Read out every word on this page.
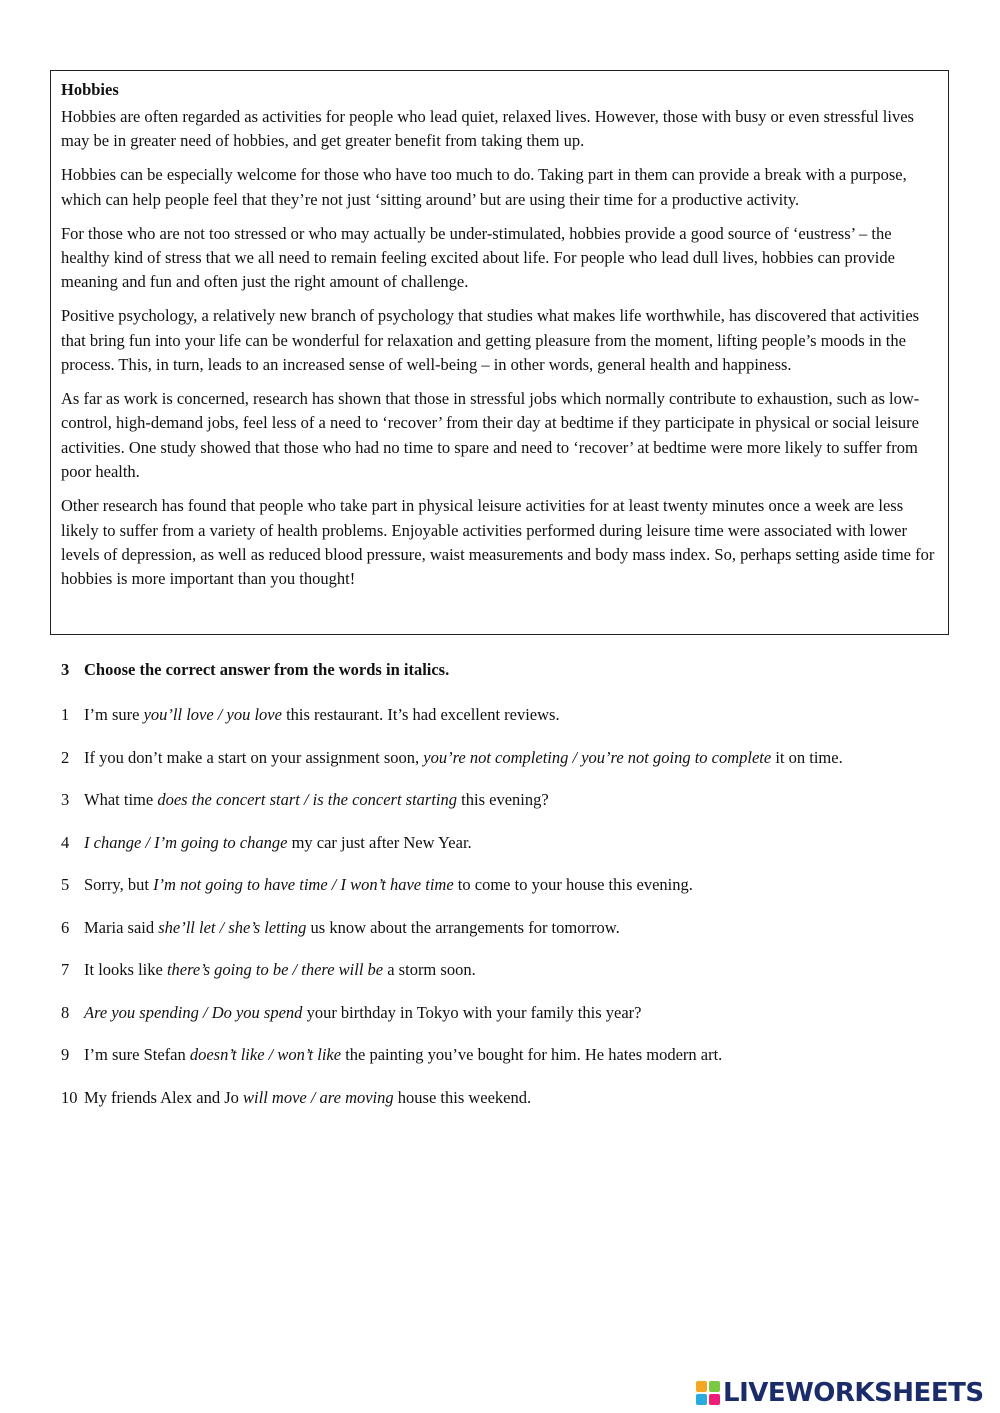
Hobbies

Hobbies are often regarded as activities for people who lead quiet, relaxed lives. However, those with busy or even stressful lives may be in greater need of hobbies, and get greater benefit from taking them up.

Hobbies can be especially welcome for those who have too much to do. Taking part in them can provide a break with a purpose, which can help people feel that they’re not just ‘sitting around’ but are using their time for a productive activity.

For those who are not too stressed or who may actually be under-stimulated, hobbies provide a good source of ‘eustress’ – the healthy kind of stress that we all need to remain feeling excited about life. For people who lead dull lives, hobbies can provide meaning and fun and often just the right amount of challenge.

Positive psychology, a relatively new branch of psychology that studies what makes life worthwhile, has discovered that activities that bring fun into your life can be wonderful for relaxation and getting pleasure from the moment, lifting people’s moods in the process. This, in turn, leads to an increased sense of well-being – in other words, general health and happiness.

As far as work is concerned, research has shown that those in stressful jobs which normally contribute to exhaustion, such as low-control, high-demand jobs, feel less of a need to ‘recover’ from their day at bedtime if they participate in physical or social leisure activities. One study showed that those who had no time to spare and need to ‘recover’ at bedtime were more likely to suffer from poor health.

Other research has found that people who take part in physical leisure activities for at least twenty minutes once a week are less likely to suffer from a variety of health problems. Enjoyable activities performed during leisure time were associated with lower levels of depression, as well as reduced blood pressure, waist measurements and body mass index. So, perhaps setting aside time for hobbies is more important than you thought!

3 Choose the correct answer from the words in italics.
1 I’m sure you’ll love / you love this restaurant. It’s had excellent reviews.
2 If you don’t make a start on your assignment soon, you’re not completing / you’re not going to complete it on time.
3 What time does the concert start / is the concert starting this evening?
4 I change / I’m going to change my car just after New Year.
5 Sorry, but I’m not going to have time / I won’t have time to come to your house this evening.
6 Maria said she’ll let / she’s letting us know about the arrangements for tomorrow.
7 It looks like there’s going to be / there will be a storm soon.
8 Are you spending / Do you spend your birthday in Tokyo with your family this year?
9 I’m sure Stefan doesn’t like / won’t like the painting you’ve bought for him. He hates modern art.
10 My friends Alex and Jo will move / are moving house this weekend.
LIVEWORKSHEETS
